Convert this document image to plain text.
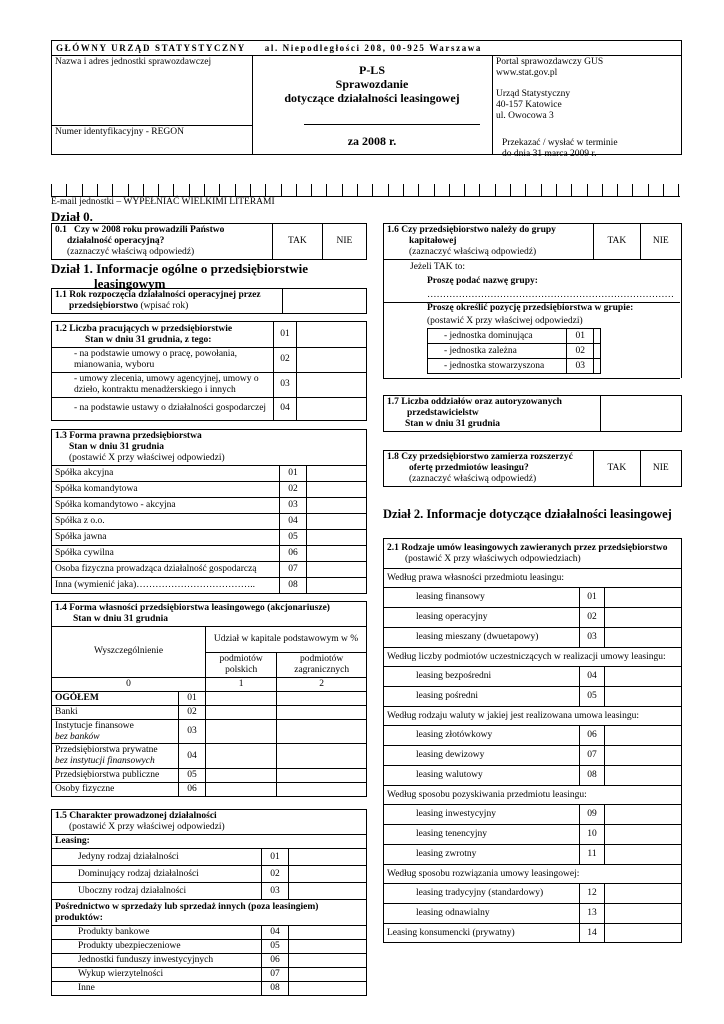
GŁÓWNY URZĄD STATYSTYCZNY     al. Niepodległości 208, 00-925 Warszawa
Nazwa i adres jednostki sprawozdawczej
Numer identyfikacyjny - REGON
P-LS
Sprawozdanie
dotyczące działalności leasingowej
za 2008 r.
Portal sprawozdawczy GUS
www.stat.gov.pl
Urząd Statystyczny
40-157 Katowice
ul. Owocowa 3
Przekazać / wysłać w terminie
do dnia 31 marca 2009 r.
E-mail jednostki – WYPEŁNIAĆ WIELKIMI LITERAMI
Dział 0.
0.1 Czy w 2008 roku prowadzili Państwo
działalność operacyjną?
(zaznaczyć właściwą odpowiedź)	TAK	NIE
Dział 1. Informacje ogólne o przedsiębiorstwie
leasingowym
1.1 Rok rozpoczęcia działalności operacyjnej przez
przedsiębiorstwo (wpisać rok)	
1.2 Liczba pracujących w przedsiębiorstwie
Stan w dniu 31 grudnia, z tego:	01	
- na podstawie umowy o pracę, powołania, mianowania, wyboru	02	
- umowy zlecenia, umowy agencyjnej, umowy o dzieło, kontraktu menadżerskiego i innych	03	
- na podstawie ustawy o działalności gospodarczej	04	
1.3 Forma prawna przedsiębiorstwa
Stan w dniu 31 grudnia
(postawić X przy właściwej odpowiedzi)		
Spółka akcyjna	01	
Spółka komandytowa	02	
Spółka komandytowo - akcyjna	03	
Spółka z o.o.	04	
Spółka jawna	05	
Spółka cywilna	06	
Osoba fizyczna prowadząca działalność gospodarczą	07	
Inna (wymienić jaka)………………………………..	08	
1.4 Forma własności przedsiębiorstwa leasingowego (akcjonariusze)
Stan w dniu 31 grudnia			
Wyszczególnienie		Udział w kapitale podstawowym w %	
		podmiotów polskich	podmiotów zagranicznych
0		1	2
OGÓŁEM	01		
Banki	02		
Instytucje finansowe
bez banków	03		
Przedsiębiorstwa prywatne
bez instytucji finansowych	04		
Przedsiębiorstwa publiczne	05		
Osoby fizyczne	06		
1.5 Charakter prowadzonej działalności
(postawić X przy właściwej odpowiedzi)		
Leasing:		
Jedyny rodzaj działalności	01	
Dominujący rodzaj działalności	02	
Uboczny rodzaj działalności	03	
Pośrednictwo w sprzedaży lub sprzedaż innych (poza leasingiem) produktów:		
Produkty bankowe	04	
Produkty ubezpieczeniowe	05	
Jednostki funduszy inwestycyjnych	06	
Wykup wierzytelności	07	
Inne	08	
1.6 Czy przedsiębiorstwo należy do grupy
kapitałowej
(zaznaczyć właściwą odpowiedź)	TAK	NIE
Jeżeli TAK to:
Proszę podać nazwę grupy:
……………………………………………………………………
Proszę określić pozycję przedsiębiorstwa w grupie:
(postawić X przy właściwej odpowiedzi)
- jednostka dominująca	01	
- jednostka zależna	02	
- jednostka stowarzyszona	03	
1.7 Liczba oddziałów oraz autoryzowanych
przedstawicielstw
Stan w dniu 31 grudnia	
1.8 Czy przedsiębiorstwo zamierza rozszerzyć
ofertę przedmiotów leasingu?
(zaznaczyć właściwą odpowiedź)	TAK	NIE
Dział 2. Informacje dotyczące działalności leasingowej
2.1 Rodzaje umów leasingowych zawieranych przez przedsiębiorstwo
(postawić X przy właściwych odpowiedziach)		
Według prawa własności przedmiotu leasingu:		
leasing finansowy	01	
leasing operacyjny	02	
leasing mieszany (dwuetapowy)	03	
Według liczby podmiotów uczestniczących w realizacji umowy leasingu:		
leasing bezpośredni	04	
leasing pośredni	05	
Według rodzaju waluty w jakiej jest realizowana umowa leasingu:		
leasing złotówkowy	06	
leasing dewizowy	07	
leasing walutowy	08	
Według sposobu pozyskiwania przedmiotu leasingu:		
leasing inwestycyjny	09	
leasing tenencyjny	10	
leasing zwrotny	11	
Według sposobu rozwiązania umowy leasingowej:		
leasing tradycyjny (standardowy)	12	
leasing odnawialny	13	
Leasing konsumencki (prywatny)	14	
